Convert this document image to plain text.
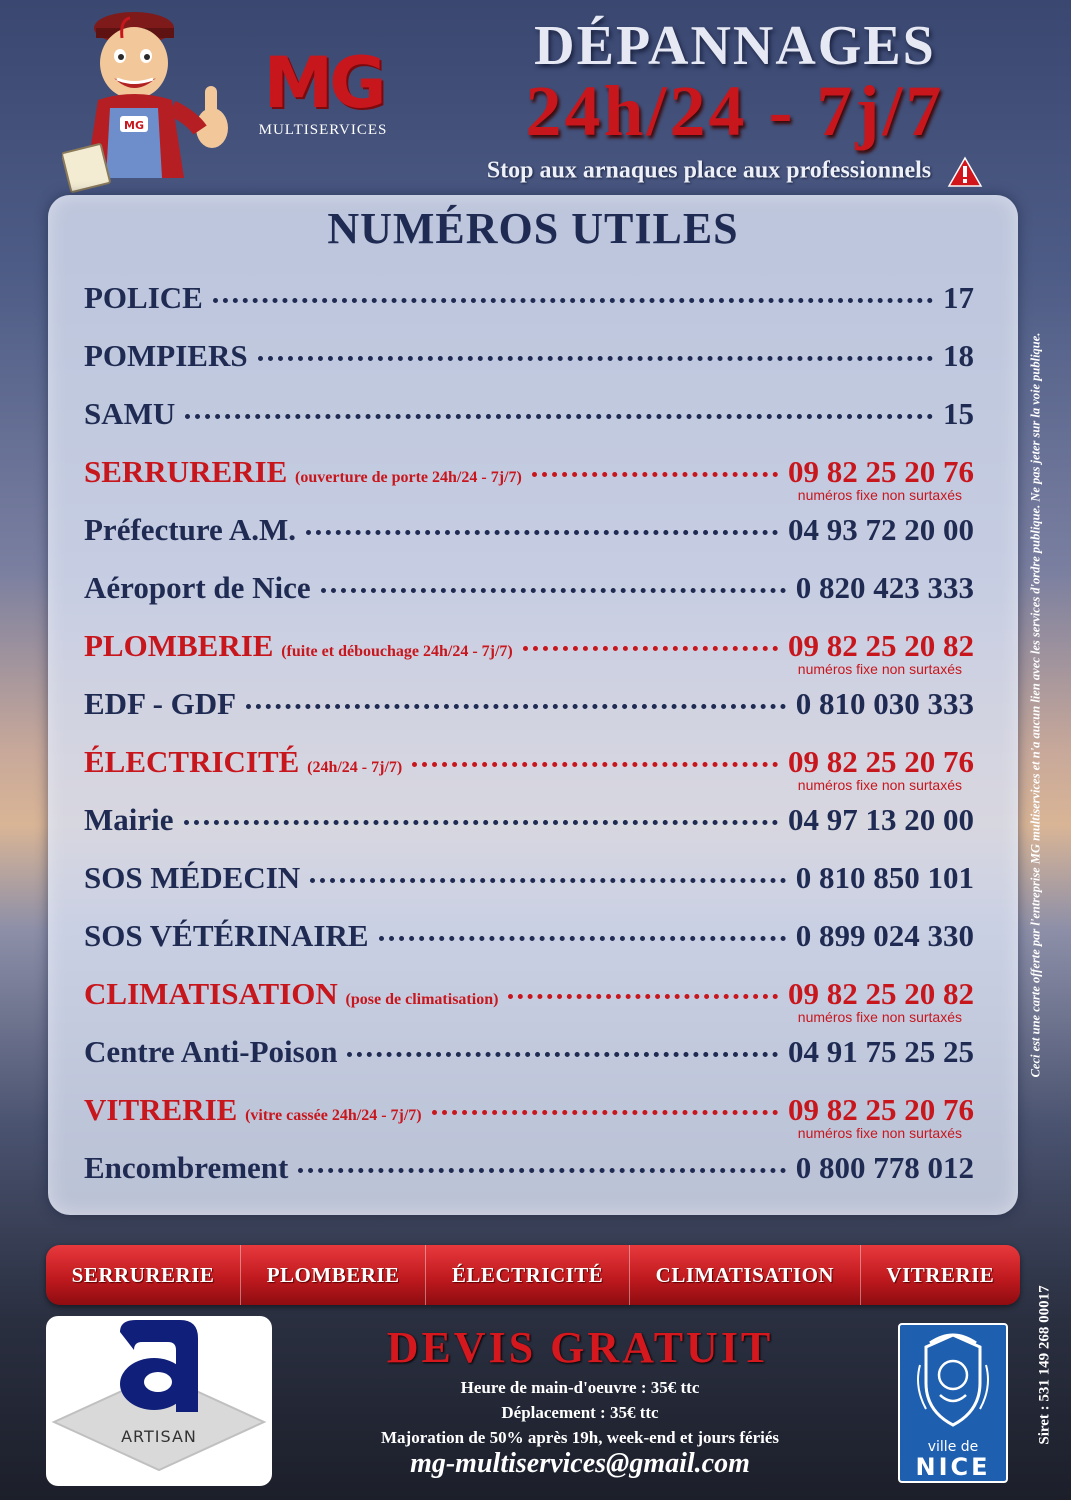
MG
MG
MULTISERVICES
DÉPANNAGES
24h/24 - 7j/7
Stop aux arnaques place aux professionnels
NUMÉROS UTILES
POLICE	17
POMPIERS	18
SAMU	15
SERRURERIE (ouverture de porte 24h/24 - 7j/7)	09 82 25 20 76
numéros fixe non surtaxés
Préfecture A.M.	04 93 72 20 00
Aéroport de Nice	0 820 423 333
PLOMBERIE (fuite et débouchage 24h/24 - 7j/7)	09 82 25 20 82
numéros fixe non surtaxés
EDF - GDF	0 810 030 333
ÉLECTRICITÉ (24h/24 - 7j/7)	09 82 25 20 76
numéros fixe non surtaxés
Mairie	04 97 13 20 00
SOS MÉDECIN	0 810 850 101
SOS VÉTÉRINAIRE	0 899 024 330
CLIMATISATION (pose de climatisation)	09 82 25 20 82
numéros fixe non surtaxés
Centre Anti-Poison	04 91 75 25 25
VITRERIE (vitre cassée 24h/24 - 7j/7)	09 82 25 20 76
numéros fixe non surtaxés
Encombrement	0 800 778 012
Ceci est une carte offerte par l'entreprise MG multiservices et n'a aucun lien avec les services d'ordre publique. Ne pas jeter sur la voie publique.
SERRURERIE	PLOMBERIE	ÉLECTRICITÉ	CLIMATISATION	VITRERIE
ARTISAN
DEVIS GRATUIT
Heure de main-d'oeuvre : 35€ ttc
Déplacement : 35€ ttc
Majoration de 50% après 19h, week-end et jours fériés
mg-multiservices@gmail.com
ville de
NICE
Siret : 531 149 268 00017
